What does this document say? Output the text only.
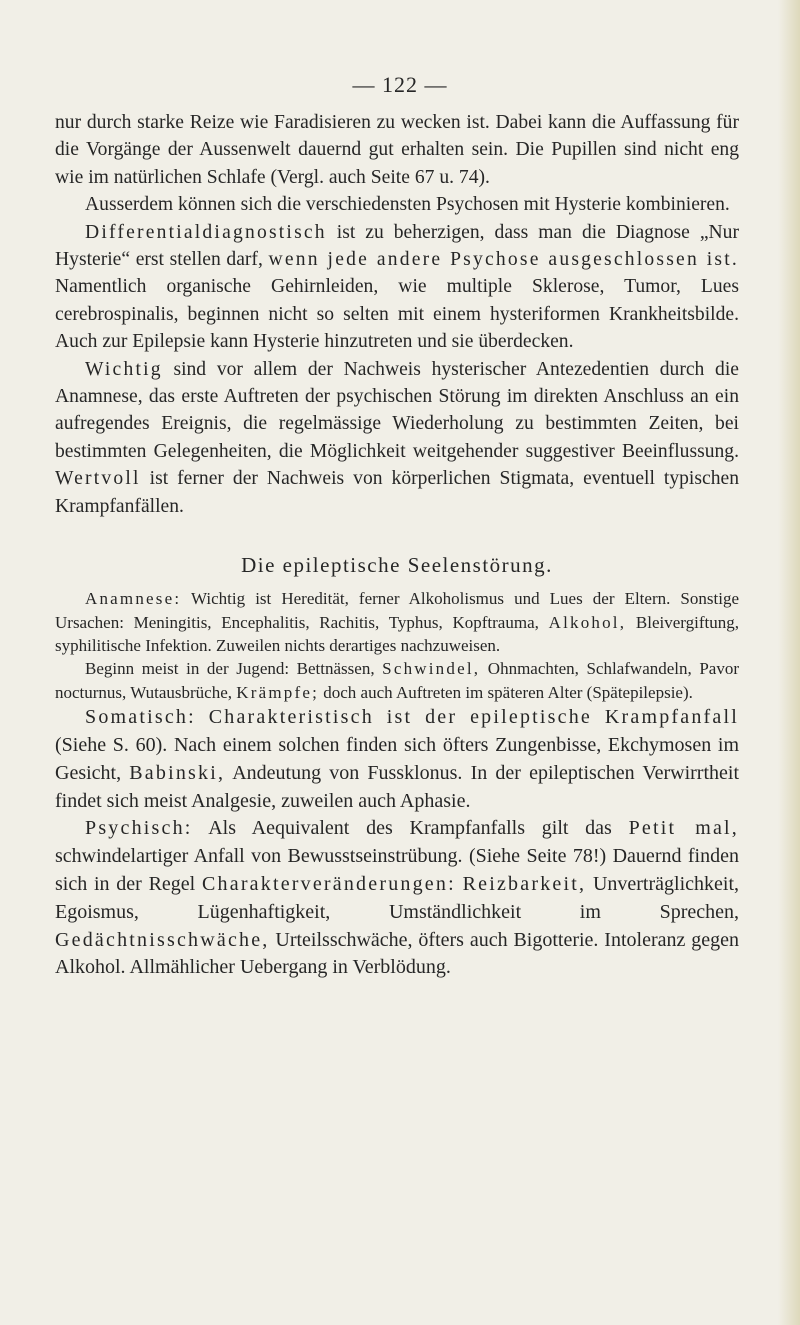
— 122 —

nur durch starke Reize wie Faradisieren zu wecken ist. Dabei kann die Auffassung für die Vorgänge der Aussenwelt dauernd gut erhalten sein. Die Pupillen sind nicht eng wie im natürlichen Schlafe (Vergl. auch Seite 67 u. 74).

Ausserdem können sich die verschiedensten Psychosen mit Hysterie kombinieren.

Differentialdiagnostisch ist zu beherzigen, dass man die Diagnose „Nur Hysterie“ erst stellen darf, wenn jede andere Psychose ausgeschlossen ist. Namentlich organische Gehirnleiden, wie multiple Sklerose, Tumor, Lues cerebrospinalis, beginnen nicht so selten mit einem hysteriformen Krankheitsbilde. Auch zur Epilepsie kann Hysterie hinzutreten und sie überdecken.

Wichtig sind vor allem der Nachweis hysterischer Antezedentien durch die Anamnese, das erste Auftreten der psychischen Störung im direkten Anschluss an ein aufregendes Ereignis, die regelmässige Wiederholung zu bestimmten Zeiten, bei bestimmten Gelegenheiten, die Möglichkeit weitgehender suggestiver Beeinflussung. Wertvoll ist ferner der Nachweis von körperlichen Stigmata, eventuell typischen Krampfanfällen.

Die epileptische Seelenstörung.

Anamnese: Wichtig ist Heredität, ferner Alkoholismus und Lues der Eltern. Sonstige Ursachen: Meningitis, Encephalitis, Rachitis, Typhus, Kopftrauma, Alkohol, Bleivergiftung, syphilitische Infektion. Zuweilen nichts derartiges nachzuweisen.

Beginn meist in der Jugend: Bettnässen, Schwindel, Ohnmachten, Schlafwandeln, Pavor nocturnus, Wutausbrüche, Krämpfe; doch auch Auftreten im späteren Alter (Spätepilepsie).

Somatisch: Charakteristisch ist der epileptische Krampfanfall (Siehe S. 60). Nach einem solchen finden sich öfters Zungenbisse, Ekchymosen im Gesicht, Babinski, Andeutung von Fussklonus. In der epileptischen Verwirrtheit findet sich meist Analgesie, zuweilen auch Aphasie.

Psychisch: Als Aequivalent des Krampfanfalls gilt das Petit mal, schwindelartiger Anfall von Bewusstseinstrübung. (Siehe Seite 78!) Dauernd finden sich in der Regel Charakterveränderungen: Reizbarkeit, Unverträglichkeit, Egoismus, Lügenhaftigkeit, Umständlichkeit im Sprechen, Gedächtnisschwäche, Urteilsschwäche, öfters auch Bigotterie. Intoleranz gegen Alkohol. Allmählicher Uebergang in Verblödung.
